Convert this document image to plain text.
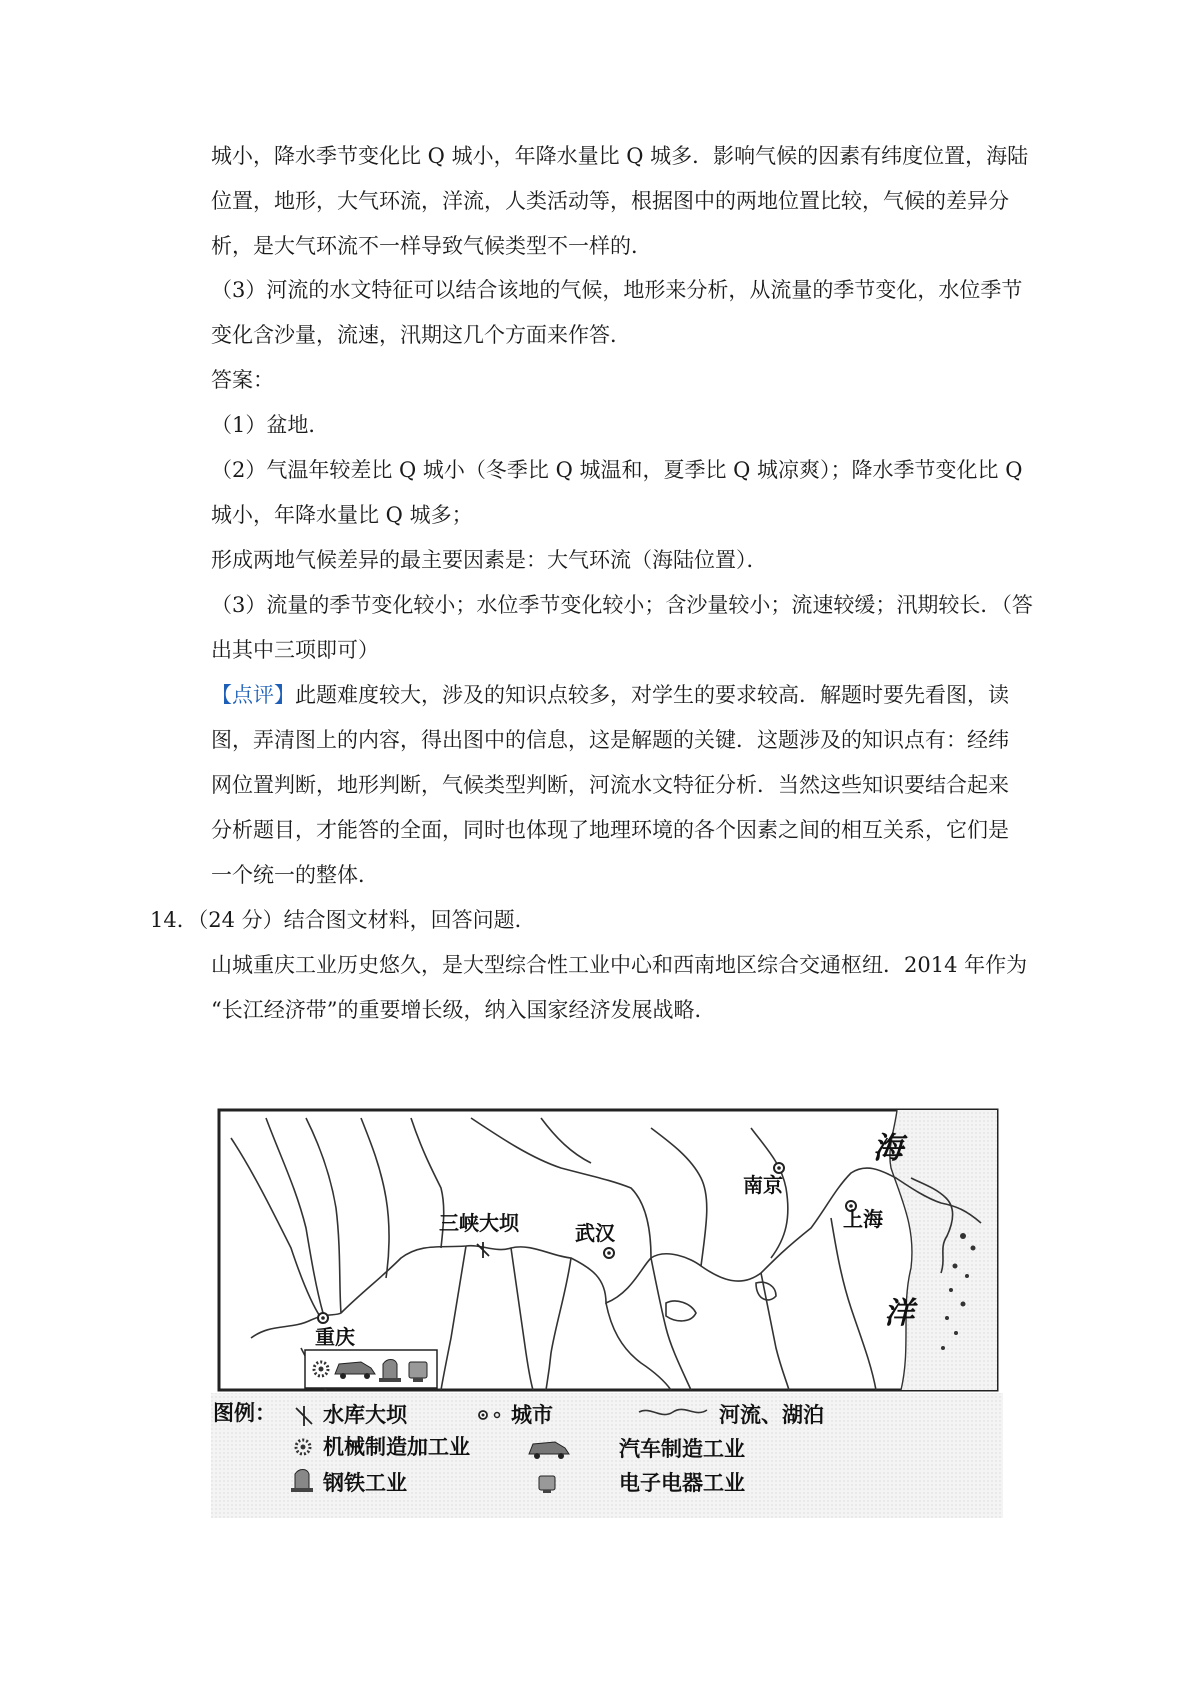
城小，降水季节变化比 Q 城小，年降水量比 Q 城多．影响气候的因素有纬度位置，海陆
位置，地形，大气环流，洋流，人类活动等，根据图中的两地位置比较，气候的差异分
析，是大气环流不一样导致气候类型不一样的．
（3）河流的水文特征可以结合该地的气候，地形来分析，从流量的季节变化，水位季节
变化含沙量，流速，汛期这几个方面来作答．
答案：
（1）盆地．
（2）气温年较差比 Q 城小（冬季比 Q 城温和，夏季比 Q 城凉爽）；降水季节变化比 Q
城小，年降水量比 Q 城多；
形成两地气候差异的最主要因素是：大气环流（海陆位置）．
（3）流量的季节变化较小；水位季节变化较小；含沙量较小；流速较缓；汛期较长．（答
出其中三项即可）
【点评】此题难度较大，涉及的知识点较多，对学生的要求较高．解题时要先看图，读
图，弄清图上的内容，得出图中的信息，这是解题的关键．这题涉及的知识点有：经纬
网位置判断，地形判断，气候类型判断，河流水文特征分析．当然这些知识要结合起来
分析题目，才能答的全面，同时也体现了地理环境的各个因素之间的相互关系，它们是
一个统一的整体．
14．（24 分）结合图文材料，回答问题．
山城重庆工业历史悠久，是大型综合性工业中心和西南地区综合交通枢纽．2014 年作为
“长江经济带”的重要增长级，纳入国家经济发展战略．
三峡大坝
重庆
武汉
南京
上海
海
洋
图例： 水库大坝	城市	河流、湖泊
机械制造加工业	汽车制造工业
钢铁工业	电子电器工业
